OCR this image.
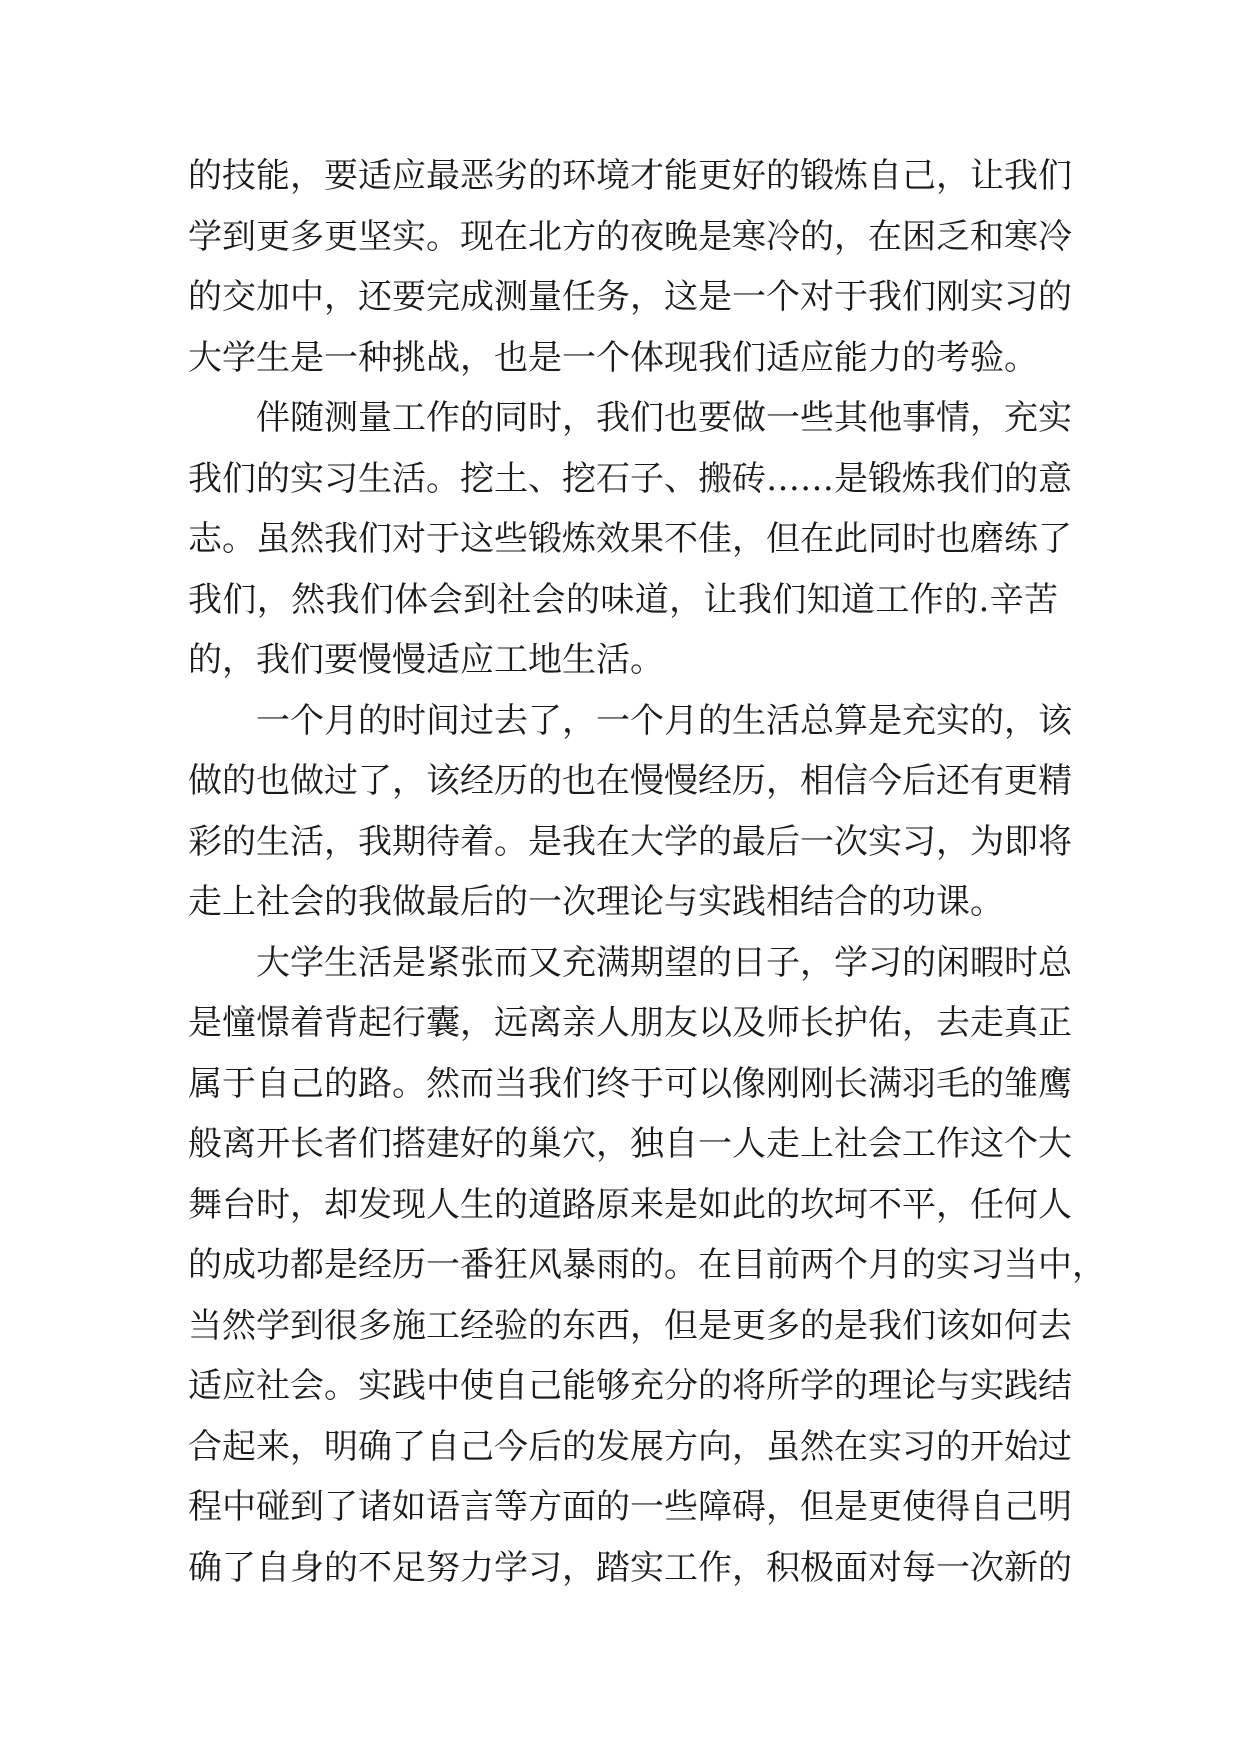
的技能，要适应最恶劣的环境才能更好的锻炼自己，让我们
学到更多更坚实。现在北方的夜晚是寒冷的，在困乏和寒冷
的交加中，还要完成测量任务，这是一个对于我们刚实习的
大学生是一种挑战，也是一个体现我们适应能力的考验。
伴随测量工作的同时，我们也要做一些其他事情，充实
我们的实习生活。挖土、挖石子、搬砖……是锻炼我们的意
志。虽然我们对于这些锻炼效果不佳，但在此同时也磨练了
我们，然我们体会到社会的味道，让我们知道工作的.辛苦
的，我们要慢慢适应工地生活。
一个月的时间过去了，一个月的生活总算是充实的，该
做的也做过了，该经历的也在慢慢经历，相信今后还有更精
彩的生活，我期待着。是我在大学的最后一次实习，为即将
走上社会的我做最后的一次理论与实践相结合的功课。
大学生活是紧张而又充满期望的日子，学习的闲暇时总
是憧憬着背起行囊，远离亲人朋友以及师长护佑，去走真正
属于自己的路。然而当我们终于可以像刚刚长满羽毛的雏鹰
般离开长者们搭建好的巢穴，独自一人走上社会工作这个大
舞台时，却发现人生的道路原来是如此的坎坷不平，任何人
的成功都是经历一番狂风暴雨的。在目前两个月的实习当中，
当然学到很多施工经验的东西，但是更多的是我们该如何去
适应社会。实践中使自己能够充分的将所学的理论与实践结
合起来，明确了自己今后的发展方向，虽然在实习的开始过
程中碰到了诸如语言等方面的一些障碍，但是更使得自己明
确了自身的不足努力学习，踏实工作，积极面对每一次新的
